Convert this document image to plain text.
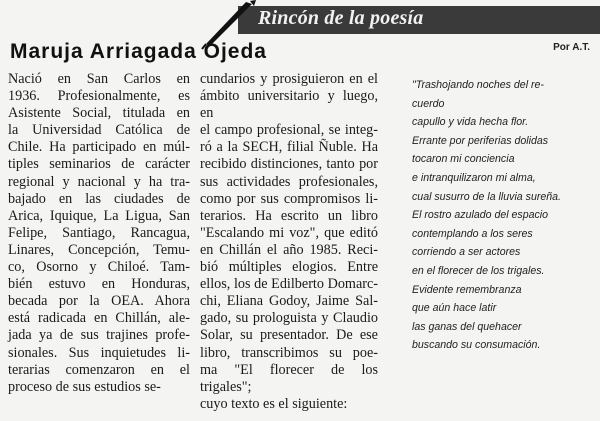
Rincón de la poesía
Maruja Arriagada Ojeda	Por A.T.
Nació en San Carlos en
1936. Profesionalmente, es
Asistente Social, titulada en
la Universidad Católica de
Chile. Ha participado en múl-
tiples seminarios de carácter
regional y nacional y ha tra-
bajado en las ciudades de
Arica, Iquique, La Ligua, San
Felipe, Santiago, Rancagua,
Linares, Concepción, Temu-
co, Osorno y Chiloé. Tam-
bién estuvo en Honduras,
becada por la OEA. Ahora
está radicada en Chillán, ale-
jada ya de sus trajines profe-
sionales. Sus inquietudes li-
terarias comenzaron en el
proceso de sus estudios se-
cundarios y prosiguieron en el
ámbito universitario y luego, en
el campo profesional, se integ-
ró a la SECH, filial Ñuble. Ha
recibido distinciones, tanto por
sus actividades profesionales,
como por sus compromisos li-
terarios. Ha escrito un libro
"Escalando mi voz", que editó
en Chillán el año 1985. Reci-
bió múltiples elogios. Entre
ellos, los de Edilberto Domarc-
chi, Eliana Godoy, Jaime Sal-
gado, su prologuista y Claudio
Solar, su presentador. De ese
libro, transcribimos su poe-
ma "El florecer de los trigales";
cuyo texto es el siguiente:
"Trashojando noches del re-
cuerdo
capullo y vida hecha flor.
Errante por periferias dolidas
tocaron mi conciencia
e intranquilizaron mi alma,
cual susurro de la lluvia sureña.
El rostro azulado del espacio
contemplando a los seres
corriendo a ser actores
en el florecer de los trigales.
Evidente remembranza
que aún hace latir
las ganas del quehacer
buscando su consumación.
